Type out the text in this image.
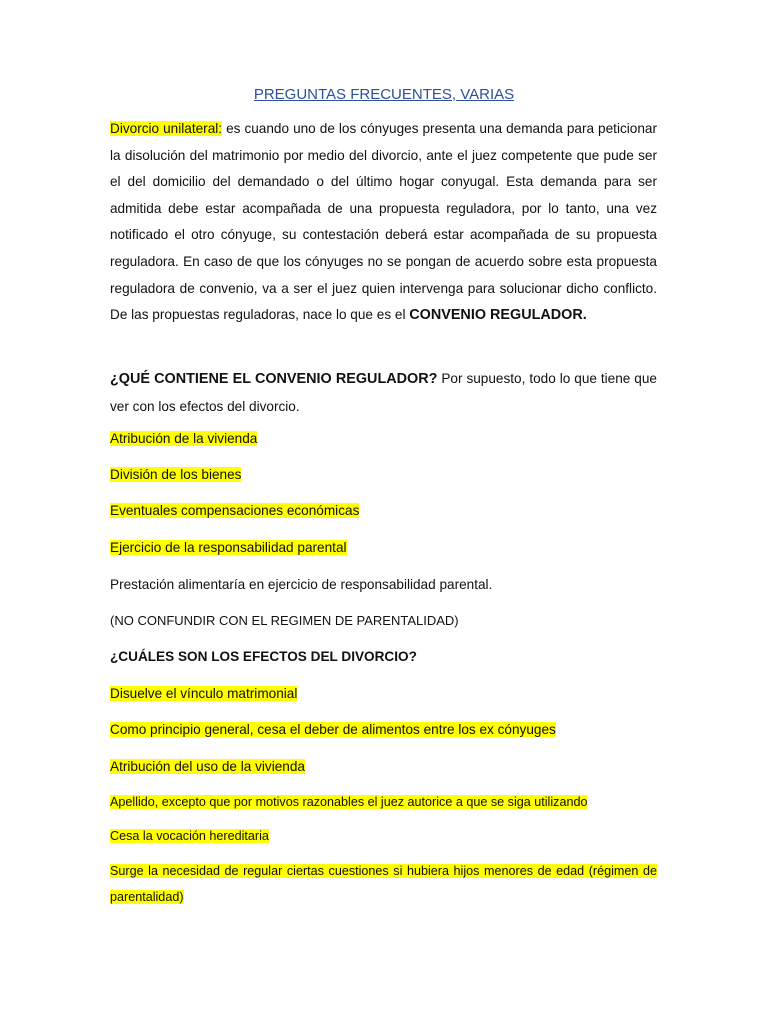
PREGUNTAS FRECUENTES, VARIAS

Divorcio unilateral: es cuando uno de los cónyuges presenta una demanda para peticionar la disolución del matrimonio por medio del divorcio, ante el juez competente que pude ser el del domicilio del demandado o del último hogar conyugal. Esta demanda para ser admitida debe estar acompañada de una propuesta reguladora, por lo tanto, una vez notificado el otro cónyuge, su contestación deberá estar acompañada de su propuesta reguladora. En caso de que los cónyuges no se pongan de acuerdo sobre esta propuesta reguladora de convenio, va a ser el juez quien intervenga para solucionar dicho conflicto. De las propuestas reguladoras, nace lo que es el CONVENIO REGULADOR.

¿QUÉ CONTIENE EL CONVENIO REGULADOR? Por supuesto, todo lo que tiene que ver con los efectos del divorcio.

Atribución de la vivienda

División de los bienes

Eventuales compensaciones económicas

Ejercicio de la responsabilidad parental

Prestación alimentaría en ejercicio de responsabilidad parental.

(NO CONFUNDIR CON EL REGIMEN DE PARENTALIDAD)

¿CUÁLES SON LOS EFECTOS DEL DIVORCIO?

Disuelve el vínculo matrimonial

Como principio general, cesa el deber de alimentos entre los ex cónyuges

Atribución del uso de la vivienda

Apellido, excepto que por motivos razonables el juez autorice a que se siga utilizando

Cesa la vocación hereditaria

Surge la necesidad de regular ciertas cuestiones si hubiera hijos menores de edad (régimen de parentalidad)
